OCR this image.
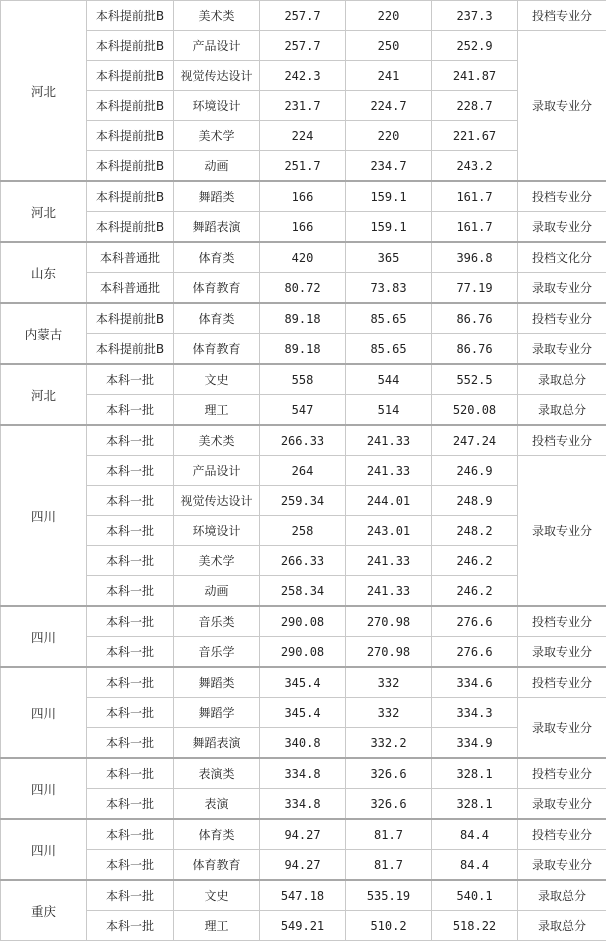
河北	本科提前批B	美术类	257.7	220	237.3	投档专业分
	本科提前批B	产品设计	257.7	250	252.9	录取专业分
	本科提前批B	视觉传达设计	242.3	241	241.87	
	本科提前批B	环境设计	231.7	224.7	228.7	
	本科提前批B	美术学	224	220	221.67	
	本科提前批B	动画	251.7	234.7	243.2	
河北	本科提前批B	舞蹈类	166	159.1	161.7	投档专业分
	本科提前批B	舞蹈表演	166	159.1	161.7	录取专业分
山东	本科普通批	体育类	420	365	396.8	投档文化分
	本科普通批	体育教育	80.72	73.83	77.19	录取专业分
内蒙古	本科提前批B	体育类	89.18	85.65	86.76	投档专业分
	本科提前批B	体育教育	89.18	85.65	86.76	录取专业分
河北	本科一批	文史	558	544	552.5	录取总分
	本科一批	理工	547	514	520.08	录取总分
四川	本科一批	美术类	266.33	241.33	247.24	投档专业分
	本科一批	产品设计	264	241.33	246.9	录取专业分
	本科一批	视觉传达设计	259.34	244.01	248.9	
	本科一批	环境设计	258	243.01	248.2	
	本科一批	美术学	266.33	241.33	246.2	
	本科一批	动画	258.34	241.33	246.2	
四川	本科一批	音乐类	290.08	270.98	276.6	投档专业分
	本科一批	音乐学	290.08	270.98	276.6	录取专业分
四川	本科一批	舞蹈类	345.4	332	334.6	投档专业分
	本科一批	舞蹈学	345.4	332	334.3	录取专业分
	本科一批	舞蹈表演	340.8	332.2	334.9	
四川	本科一批	表演类	334.8	326.6	328.1	投档专业分
	本科一批	表演	334.8	326.6	328.1	录取专业分
四川	本科一批	体育类	94.27	81.7	84.4	投档专业分
	本科一批	体育教育	94.27	81.7	84.4	录取专业分
重庆	本科一批	文史	547.18	535.19	540.1	录取总分
	本科一批	理工	549.21	510.2	518.22	录取总分
